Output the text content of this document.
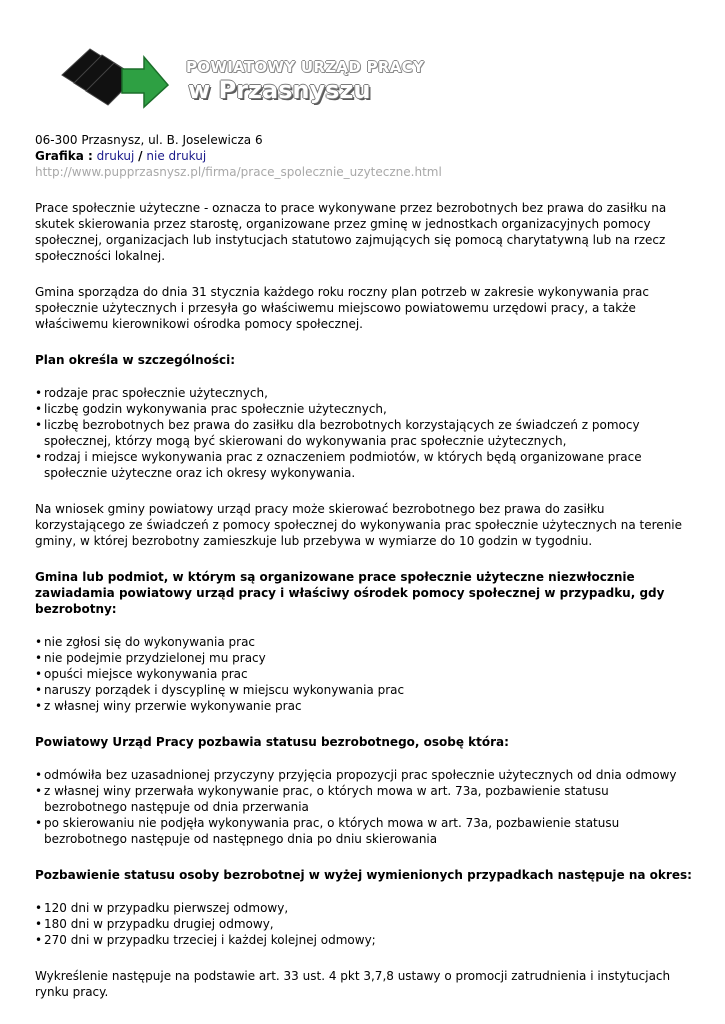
POWIATOWY URZĄD PRACY
w Przasnyszu

06-300 Przasnysz, ul. B. Joselewicza 6

Grafika : drukuj / nie drukuj

http://www.pupprzasnysz.pl/firma/prace_spolecznie_uzyteczne.html

Prace społecznie użyteczne - oznacza to prace wykonywane przez bezrobotnych bez prawa do zasiłku na skutek skierowania przez starostę, organizowane przez gminę w jednostkach organizacyjnych pomocy społecznej, organizacjach lub instytucjach statutowo zajmujących się pomocą charytatywną lub na rzecz społeczności lokalnej.

Gmina sporządza do dnia 31 stycznia każdego roku roczny plan potrzeb w zakresie wykonywania prac społecznie użytecznych i przesyła go właściwemu miejscowo powiatowemu urzędowi pracy, a także właściwemu kierownikowi ośrodka pomocy społecznej.

Plan określa w szczególności:

• rodzaje prac społecznie użytecznych,
• liczbę godzin wykonywania prac społecznie użytecznych,
• liczbę bezrobotnych bez prawa do zasiłku dla bezrobotnych korzystających ze świadczeń z pomocy społecznej, którzy mogą być skierowani do wykonywania prac społecznie użytecznych,
• rodzaj i miejsce wykonywania prac z oznaczeniem podmiotów, w których będą organizowane prace społecznie użyteczne oraz ich okresy wykonywania.

Na wniosek gminy powiatowy urząd pracy może skierować bezrobotnego bez prawa do zasiłku korzystającego ze świadczeń z pomocy społecznej do wykonywania prac społecznie użytecznych na terenie gminy, w której bezrobotny zamieszkuje lub przebywa w wymiarze do 10 godzin w tygodniu.

Gmina lub podmiot, w którym są organizowane prace społecznie użyteczne niezwłocznie zawiadamia powiatowy urząd pracy i właściwy ośrodek pomocy społecznej w przypadku, gdy bezrobotny:

• nie zgłosi się do wykonywania prac
• nie podejmie przydzielonej mu pracy
• opuści miejsce wykonywania prac
• naruszy porządek i dyscyplinę w miejscu wykonywania prac
• z własnej winy przerwie wykonywanie prac

Powiatowy Urząd Pracy pozbawia statusu bezrobotnego, osobę która:

• odmówiła bez uzasadnionej przyczyny przyjęcia propozycji prac społecznie użytecznych od dnia odmowy
• z własnej winy przerwała wykonywanie prac, o których mowa w art. 73a, pozbawienie statusu bezrobotnego następuje od dnia przerwania
• po skierowaniu nie podjęła wykonywania prac, o których mowa w art. 73a, pozbawienie statusu bezrobotnego następuje od następnego dnia po dniu skierowania

Pozbawienie statusu osoby bezrobotnej w wyżej wymienionych przypadkach następuje na okres:

• 120 dni w przypadku pierwszej odmowy,
• 180 dni w przypadku drugiej odmowy,
• 270 dni w przypadku trzeciej i każdej kolejnej odmowy;

Wykreślenie następuje na podstawie art. 33 ust. 4 pkt 3,7,8 ustawy o promocji zatrudnienia i instytucjach rynku pracy.
